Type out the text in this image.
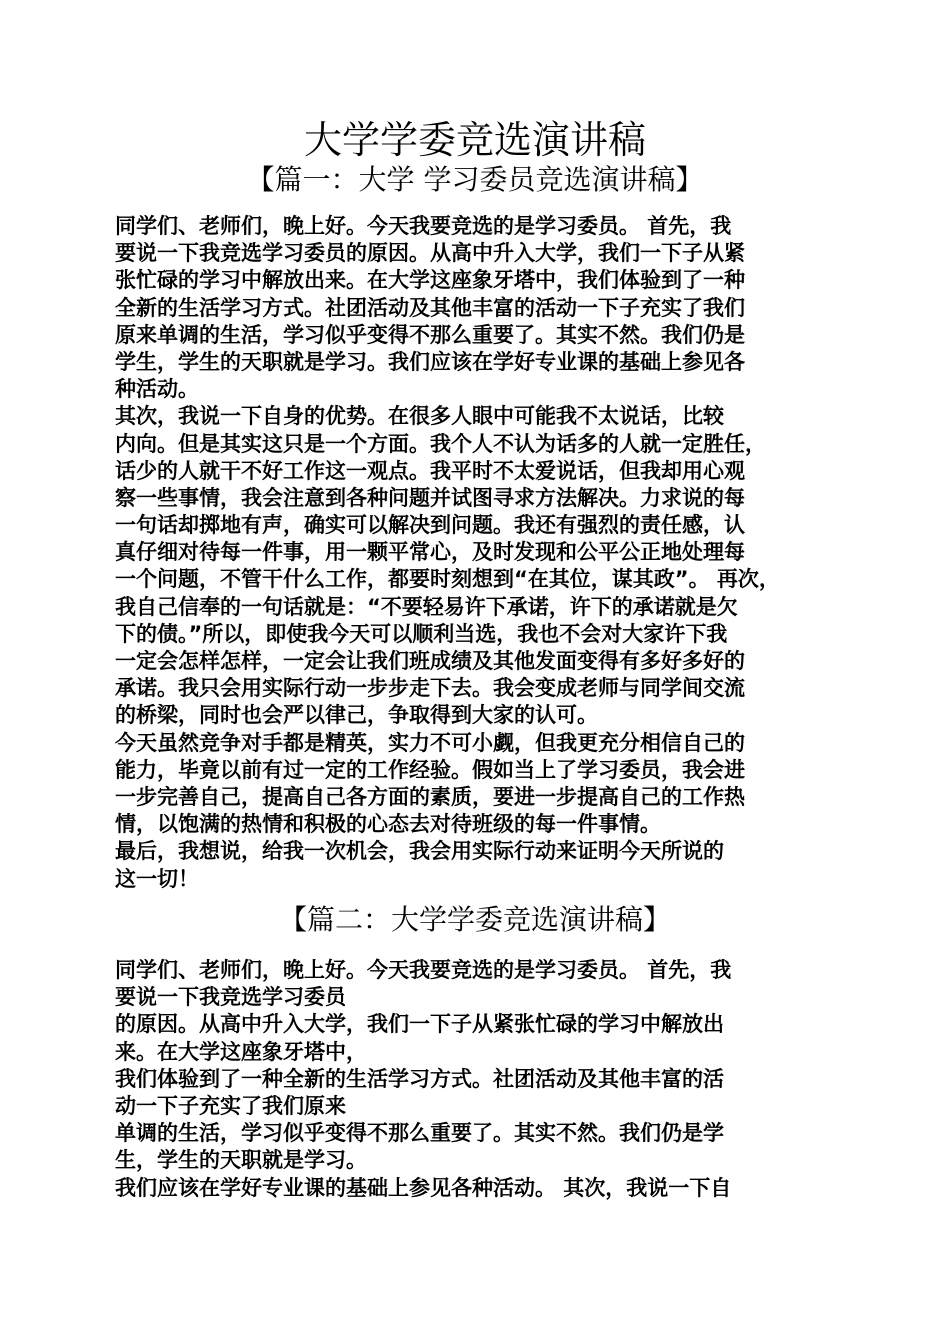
大学学委竞选演讲稿
【篇一：大学 学习委员竞选演讲稿】
同学们、老师们，晚上好。今天我要竞选的是学习委员。 首先，我
要说一下我竞选学习委员的原因。从高中升入大学，我们一下子从紧
张忙碌的学习中解放出来。在大学这座象牙塔中，我们体验到了一种
全新的生活学习方式。社团活动及其他丰富的活动一下子充实了我们
原来单调的生活，学习似乎变得不那么重要了。其实不然。我们仍是
学生，学生的天职就是学习。我们应该在学好专业课的基础上参见各
种活动。
其次，我说一下自身的优势。在很多人眼中可能我不太说话，比较
内向。但是其实这只是一个方面。我个人不认为话多的人就一定胜任，
话少的人就干不好工作这一观点。我平时不太爱说话，但我却用心观
察一些事情，我会注意到各种问题并试图寻求方法解决。力求说的每
一句话却掷地有声，确实可以解决到问题。我还有强烈的责任感，认
真仔细对待每一件事，用一颗平常心，及时发现和公平公正地处理每
一个问题，不管干什么工作，都要时刻想到“在其位，谋其政”。 再次，
我自己信奉的一句话就是：“不要轻易许下承诺，许下的承诺就是欠
下的债。”所以，即使我今天可以顺利当选，我也不会对大家许下我
一定会怎样怎样，一定会让我们班成绩及其他发面变得有多好多好的
承诺。我只会用实际行动一步步走下去。我会变成老师与同学间交流
的桥梁，同时也会严以律己，争取得到大家的认可。
今天虽然竞争对手都是精英，实力不可小觑，但我更充分相信自己的
能力，毕竟以前有过一定的工作经验。假如当上了学习委员，我会进
一步完善自己，提高自己各方面的素质，要进一步提高自己的工作热
情，以饱满的热情和积极的心态去对待班级的每一件事情。
最后，我想说，给我一次机会，我会用实际行动来证明今天所说的
这一切！
【篇二：大学学委竞选演讲稿】
同学们、老师们，晚上好。今天我要竞选的是学习委员。 首先，我
要说一下我竞选学习委员
的原因。从高中升入大学，我们一下子从紧张忙碌的学习中解放出
来。在大学这座象牙塔中，
我们体验到了一种全新的生活学习方式。社团活动及其他丰富的活
动一下子充实了我们原来
单调的生活，学习似乎变得不那么重要了。其实不然。我们仍是学
生，学生的天职就是学习。
我们应该在学好专业课的基础上参见各种活动。 其次，我说一下自
